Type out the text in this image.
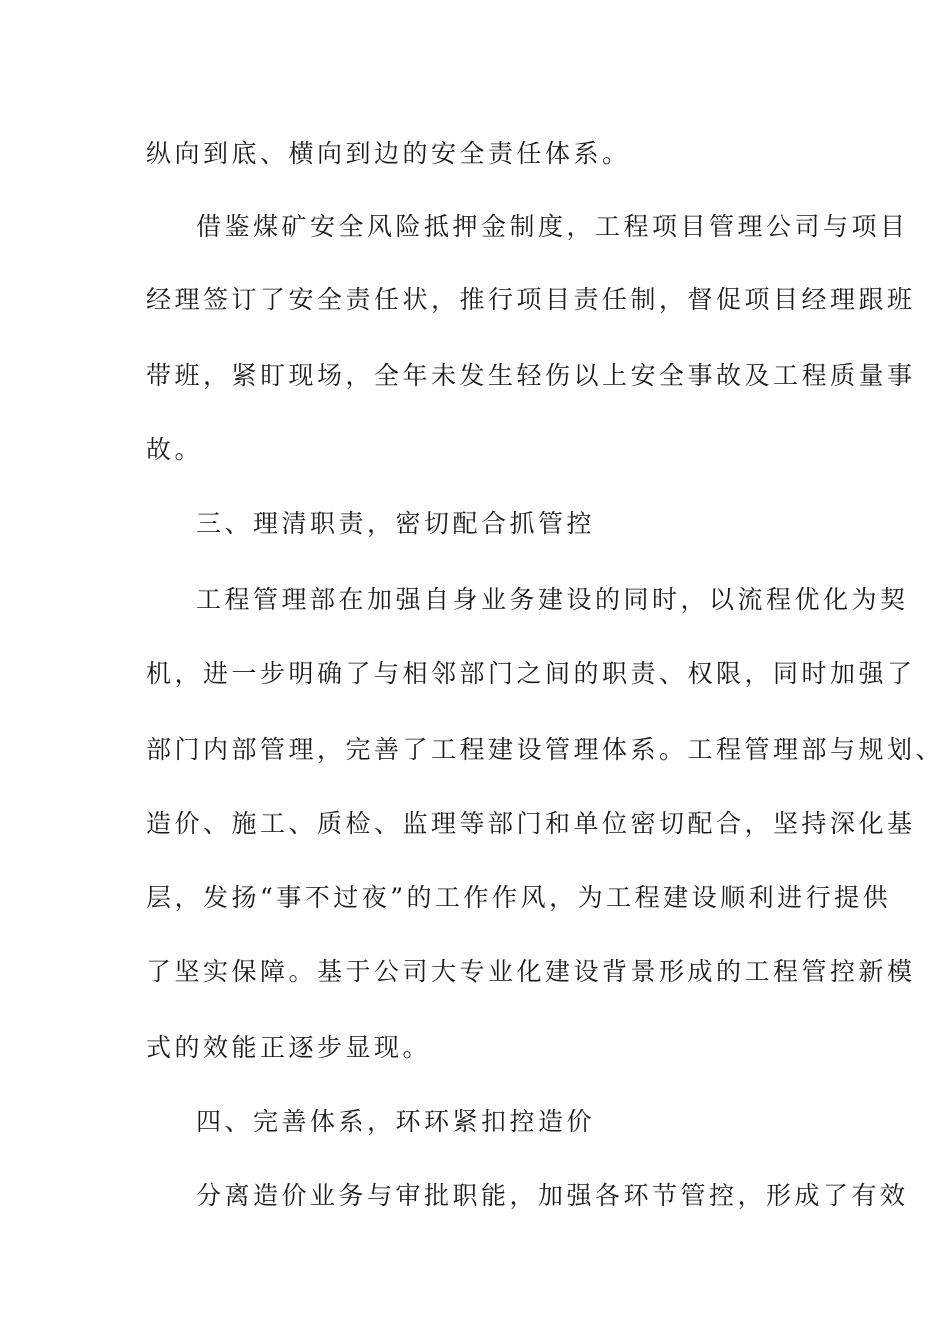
纵向到底、横向到边的安全责任体系。

借鉴煤矿安全风险抵押金制度，工程项目管理公司与项目

经理签订了安全责任状，推行项目责任制，督促项目经理跟班

带班，紧盯现场，全年未发生轻伤以上安全事故及工程质量事

故。

三、理清职责，密切配合抓管控

工程管理部在加强自身业务建设的同时，以流程优化为契

机，进一步明确了与相邻部门之间的职责、权限，同时加强了

部门内部管理，完善了工程建设管理体系。工程管理部与规划、

造价、施工、质检、监理等部门和单位密切配合，坚持深化基

层，发扬“事不过夜”的工作作风，为工程建设顺利进行提供

了坚实保障。基于公司大专业化建设背景形成的工程管控新模

式的效能正逐步显现。

四、完善体系，环环紧扣控造价

分离造价业务与审批职能，加强各环节管控，形成了有效
